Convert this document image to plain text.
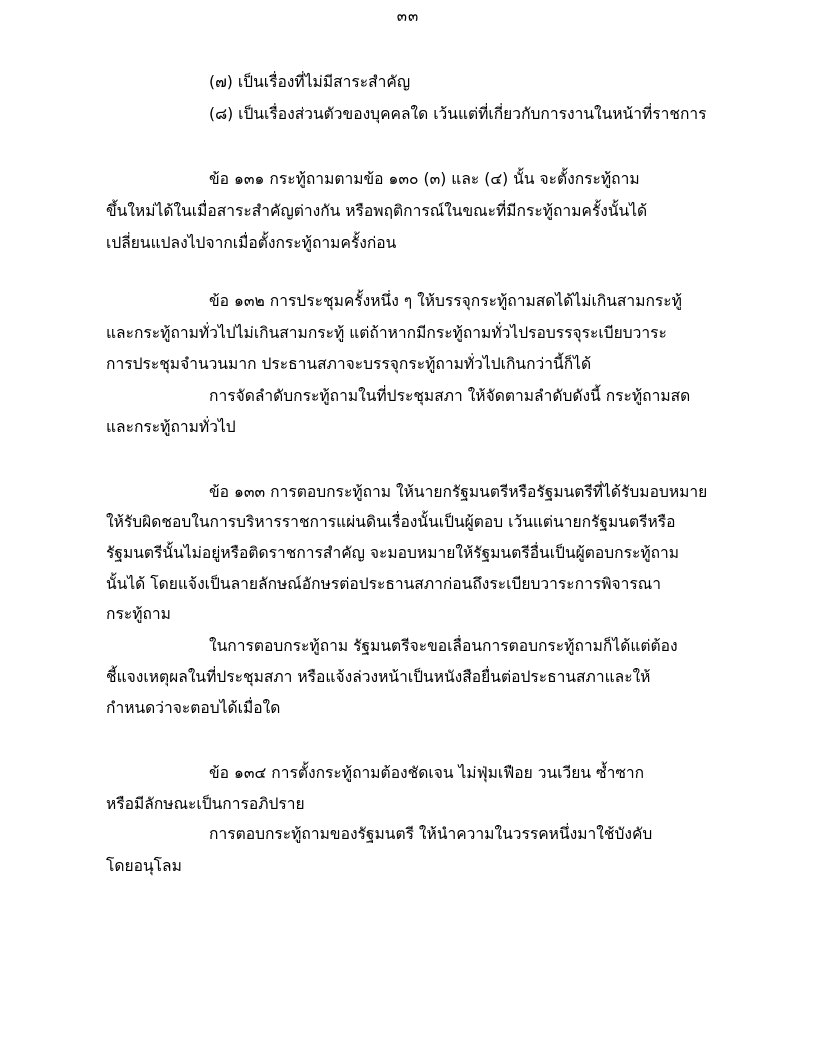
๓๓
(๗) เป็นเรื่องที่ไม่มีสาระสำคัญ
(๘) เป็นเรื่องส่วนตัวของบุคคลใด เว้นแต่ที่เกี่ยวกับการงานในหน้าที่ราชการ
ข้อ ๑๓๑ กระทู้ถามตามข้อ ๑๓๐ (๓) และ (๔) นั้น จะตั้งกระทู้ถาม
ขึ้นใหม่ได้ในเมื่อสาระสำคัญต่างกัน หรือพฤติการณ์ในขณะที่มีกระทู้ถามครั้งนั้นได้
เปลี่ยนแปลงไปจากเมื่อตั้งกระทู้ถามครั้งก่อน
ข้อ ๑๓๒ การประชุมครั้งหนึ่ง ๆ ให้บรรจุกระทู้ถามสดได้ไม่เกินสามกระทู้
และกระทู้ถามทั่วไปไม่เกินสามกระทู้ แต่ถ้าหากมีกระทู้ถามทั่วไปรอบรรจุระเบียบวาระ
การประชุมจำนวนมาก ประธานสภาจะบรรจุกระทู้ถามทั่วไปเกินกว่านี้ก็ได้
การจัดลำดับกระทู้ถามในที่ประชุมสภา ให้จัดตามลำดับดังนี้ กระทู้ถามสด
และกระทู้ถามทั่วไป
ข้อ ๑๓๓ การตอบกระทู้ถาม ให้นายกรัฐมนตรีหรือรัฐมนตรีที่ได้รับมอบหมาย
ให้รับผิดชอบในการบริหารราชการแผ่นดินเรื่องนั้นเป็นผู้ตอบ เว้นแต่นายกรัฐมนตรีหรือ
รัฐมนตรีนั้นไม่อยู่หรือติดราชการสำคัญ จะมอบหมายให้รัฐมนตรีอื่นเป็นผู้ตอบกระทู้ถาม
นั้นได้ โดยแจ้งเป็นลายลักษณ์อักษรต่อประธานสภาก่อนถึงระเบียบวาระการพิจารณา
กระทู้ถาม
ในการตอบกระทู้ถาม รัฐมนตรีจะขอเลื่อนการตอบกระทู้ถามก็ได้แต่ต้อง
ชี้แจงเหตุผลในที่ประชุมสภา หรือแจ้งล่วงหน้าเป็นหนังสือยื่นต่อประธานสภาและให้
กำหนดว่าจะตอบได้เมื่อใด
ข้อ ๑๓๔ การตั้งกระทู้ถามต้องชัดเจน ไม่ฟุ่มเฟือย วนเวียน ซ้ำซาก
หรือมีลักษณะเป็นการอภิปราย
การตอบกระทู้ถามของรัฐมนตรี ให้นำความในวรรคหนึ่งมาใช้บังคับ
โดยอนุโลม
